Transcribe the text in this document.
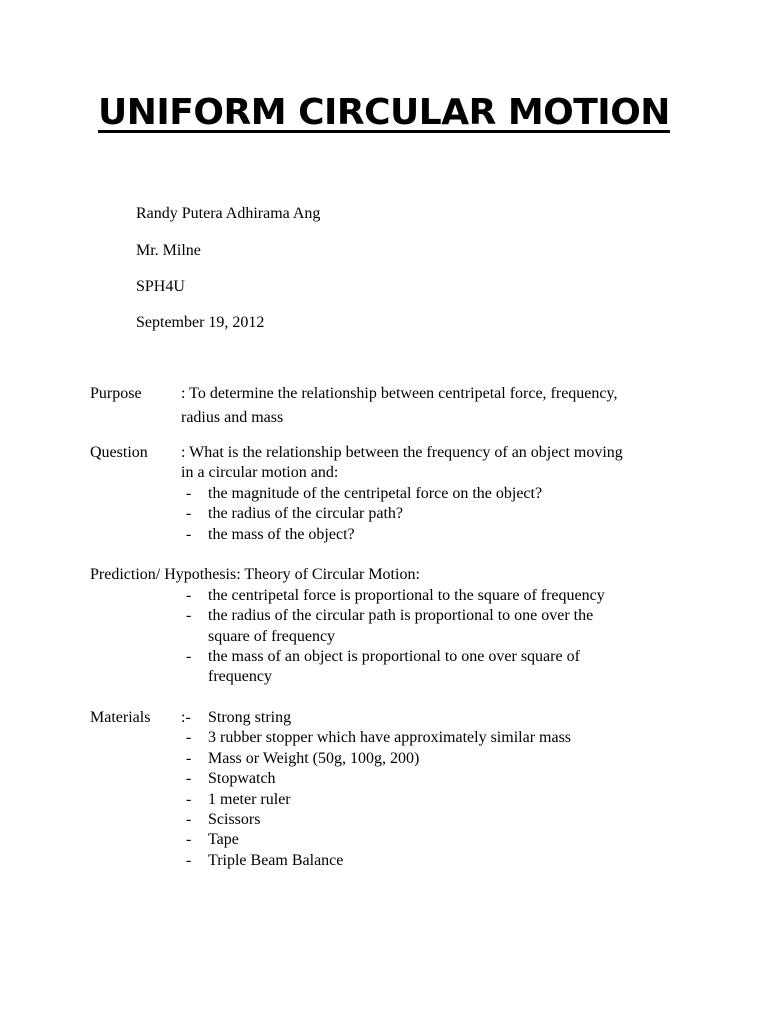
UNIFORM CIRCULAR MOTION
Randy Putera Adhirama Ang
Mr. Milne
SPH4U
September 19, 2012
Purpose : To determine the relationship between centripetal force, frequency,
radius and mass
Question : What is the relationship between the frequency of an object moving
in a circular motion and:
- the magnitude of the centripetal force on the object?
- the radius of the circular path?
- the mass of the object?
Prediction/ Hypothesis: Theory of Circular Motion:
- the centripetal force is proportional to the square of frequency
- the radius of the circular path is proportional to one over the
square of frequency
- the mass of an object is proportional to one over square of
frequency
Materials :- Strong string
- 3 rubber stopper which have approximately similar mass
- Mass or Weight (50g, 100g, 200)
- Stopwatch
- 1 meter ruler
- Scissors
- Tape
- Triple Beam Balance
